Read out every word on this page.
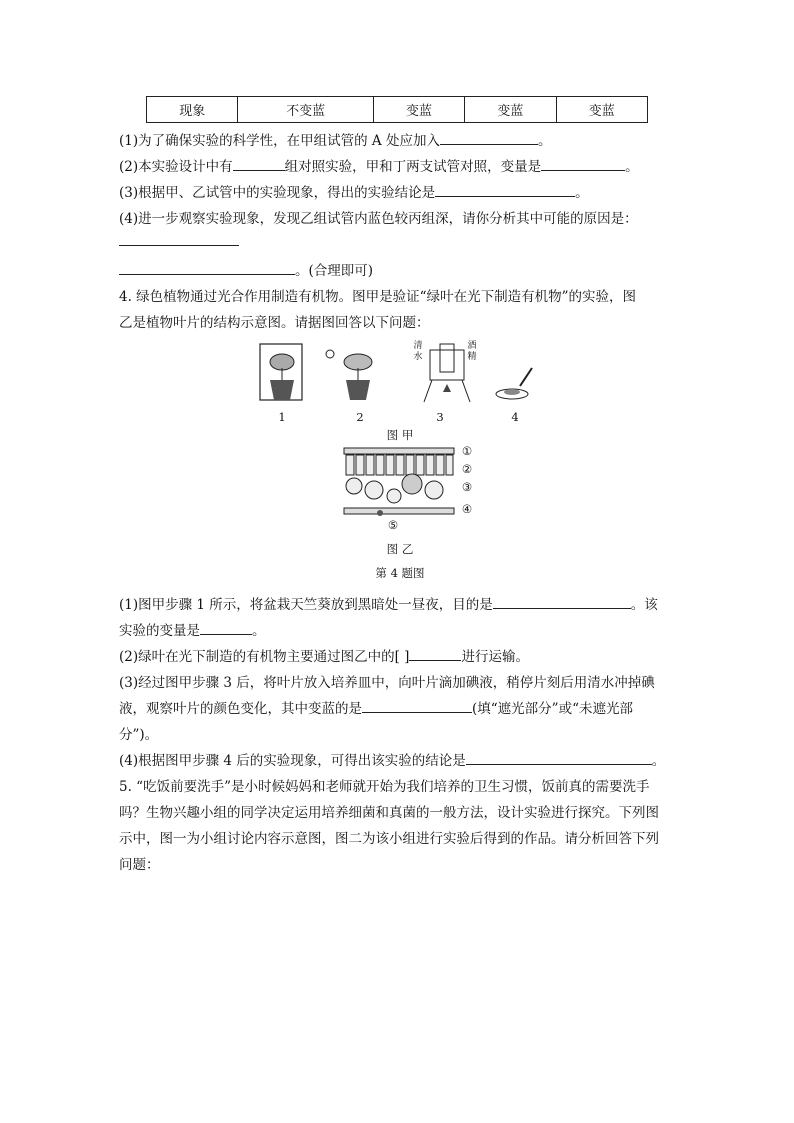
现象	不变蓝	变蓝	变蓝	变蓝
(1)为了确保实验的科学性，在甲组试管的 A 处应加入	。
(2)本实验设计中有	组对照实验，甲和丁两支试管对照，变量是	。
(3)根据甲、乙试管中的实验现象，得出的实验结论是	。
(4)进一步观察实验现象，发现乙组试管内蓝色较丙组深，请你分析其中可能的原因是：
。(合理即可)
4. 绿色植物通过光合作用制造有机物。图甲是验证“绿叶在光下制造有机物”的实验，图
乙是植物叶片的结构示意图。请据图回答以下问题：
清水
酒精
1	2	3	4
图 甲
①
②
③
④
⑤
图 乙
第 4 题图
(1)图甲步骤 1 所示，将盆栽天竺葵放到黑暗处一昼夜，目的是	。该
实验的变量是	。
(2)绿叶在光下制造的有机物主要通过图乙中的[ ]	进行运输。
(3)经过图甲步骤 3 后，将叶片放入培养皿中，向叶片滴加碘液，稍停片刻后用清水冲掉碘
液，观察叶片的颜色变化，其中变蓝的是	(填“遮光部分”或“未遮光部
分”)。
(4)根据图甲步骤 4 后的实验现象，可得出该实验的结论是	。
5. “吃饭前要洗手”是小时候妈妈和老师就开始为我们培养的卫生习惯，饭前真的需要洗手
吗？生物兴趣小组的同学决定运用培养细菌和真菌的一般方法，设计实验进行探究。下列图
示中，图一为小组讨论内容示意图，图二为该小组进行实验后得到的作品。请分析回答下列
问题：
